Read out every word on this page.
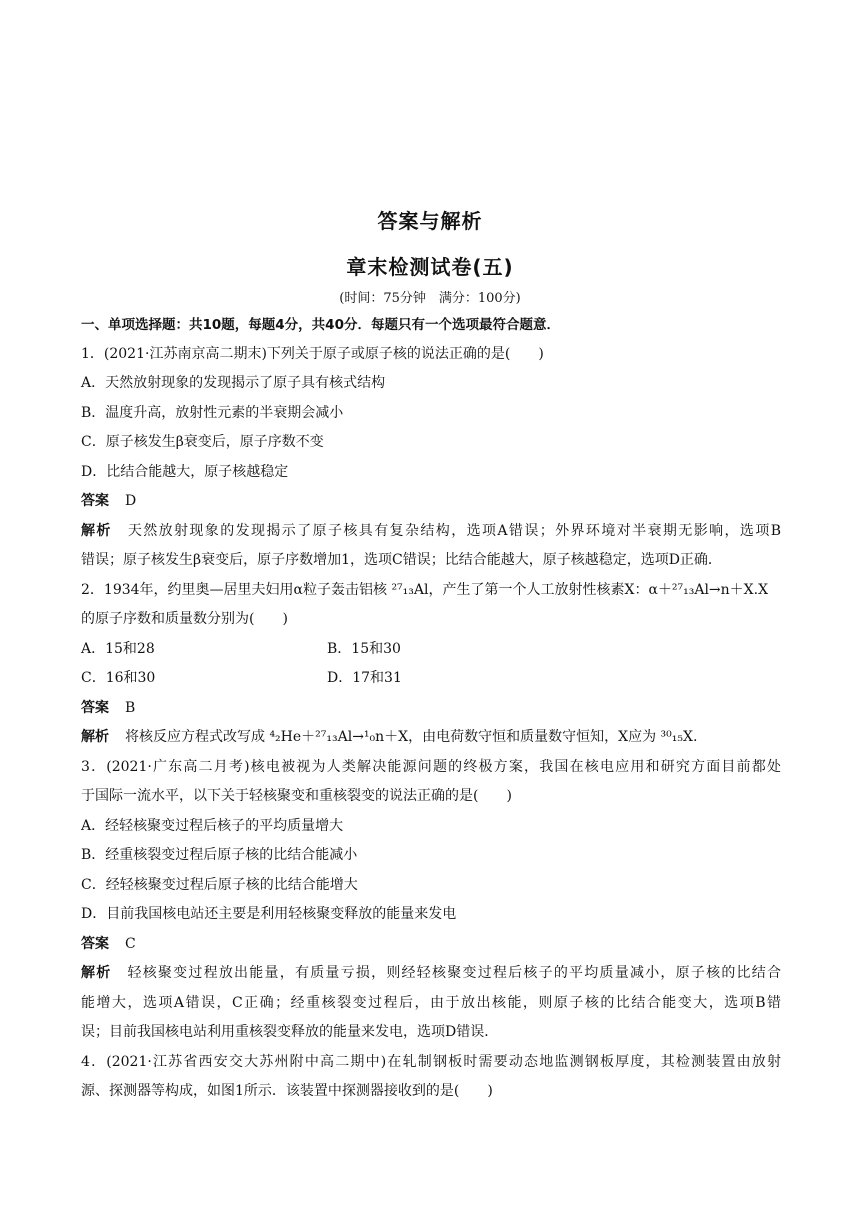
答案与解析
章末检测试卷(五)
(时间：75分钟　满分：100分)
一、单项选择题：共10题，每题4分，共40分．每题只有一个选项最符合题意．
1．(2021·江苏南京高二期末)下列关于原子或原子核的说法正确的是(　　)
A．天然放射现象的发现揭示了原子具有核式结构
B．温度升高，放射性元素的半衰期会减小
C．原子核发生β衰变后，原子序数不变
D．比结合能越大，原子核越稳定
答案 D
解析 天然放射现象的发现揭示了原子核具有复杂结构，选项A错误；外界环境对半衰期无影响，选项B
错误；原子核发生β衰变后，原子序数增加1，选项C错误；比结合能越大，原子核越稳定，选项D正确．
2．1934年，约里奥—居里夫妇用α粒子轰击铝核 ²⁷₁₃Al，产生了第一个人工放射性核素X：α＋²⁷₁₃Al→n＋X.X
的原子序数和质量数分别为(　　)
A．15和28	B．15和30
C．16和30	D．17和31
答案 B
解析 将核反应方程式改写成 ⁴₂He＋²⁷₁₃Al→¹₀n＋X，由电荷数守恒和质量数守恒知，X应为 ³⁰₁₅X.
3．(2021·广东高二月考)核电被视为人类解决能源问题的终极方案，我国在核电应用和研究方面目前都处
于国际一流水平，以下关于轻核聚变和重核裂变的说法正确的是(　　)
A．经轻核聚变过程后核子的平均质量增大
B．经重核裂变过程后原子核的比结合能减小
C．经轻核聚变过程后原子核的比结合能增大
D．目前我国核电站还主要是利用轻核聚变释放的能量来发电
答案 C
解析 轻核聚变过程放出能量，有质量亏损，则经轻核聚变过程后核子的平均质量减小，原子核的比结合
能增大，选项A错误，C正确；经重核裂变过程后，由于放出核能，则原子核的比结合能变大，选项B错
误；目前我国核电站利用重核裂变释放的能量来发电，选项D错误．
4．(2021·江苏省西安交大苏州附中高二期中)在轧制钢板时需要动态地监测钢板厚度，其检测装置由放射
源、探测器等构成，如图1所示．该装置中探测器接收到的是(　　)
